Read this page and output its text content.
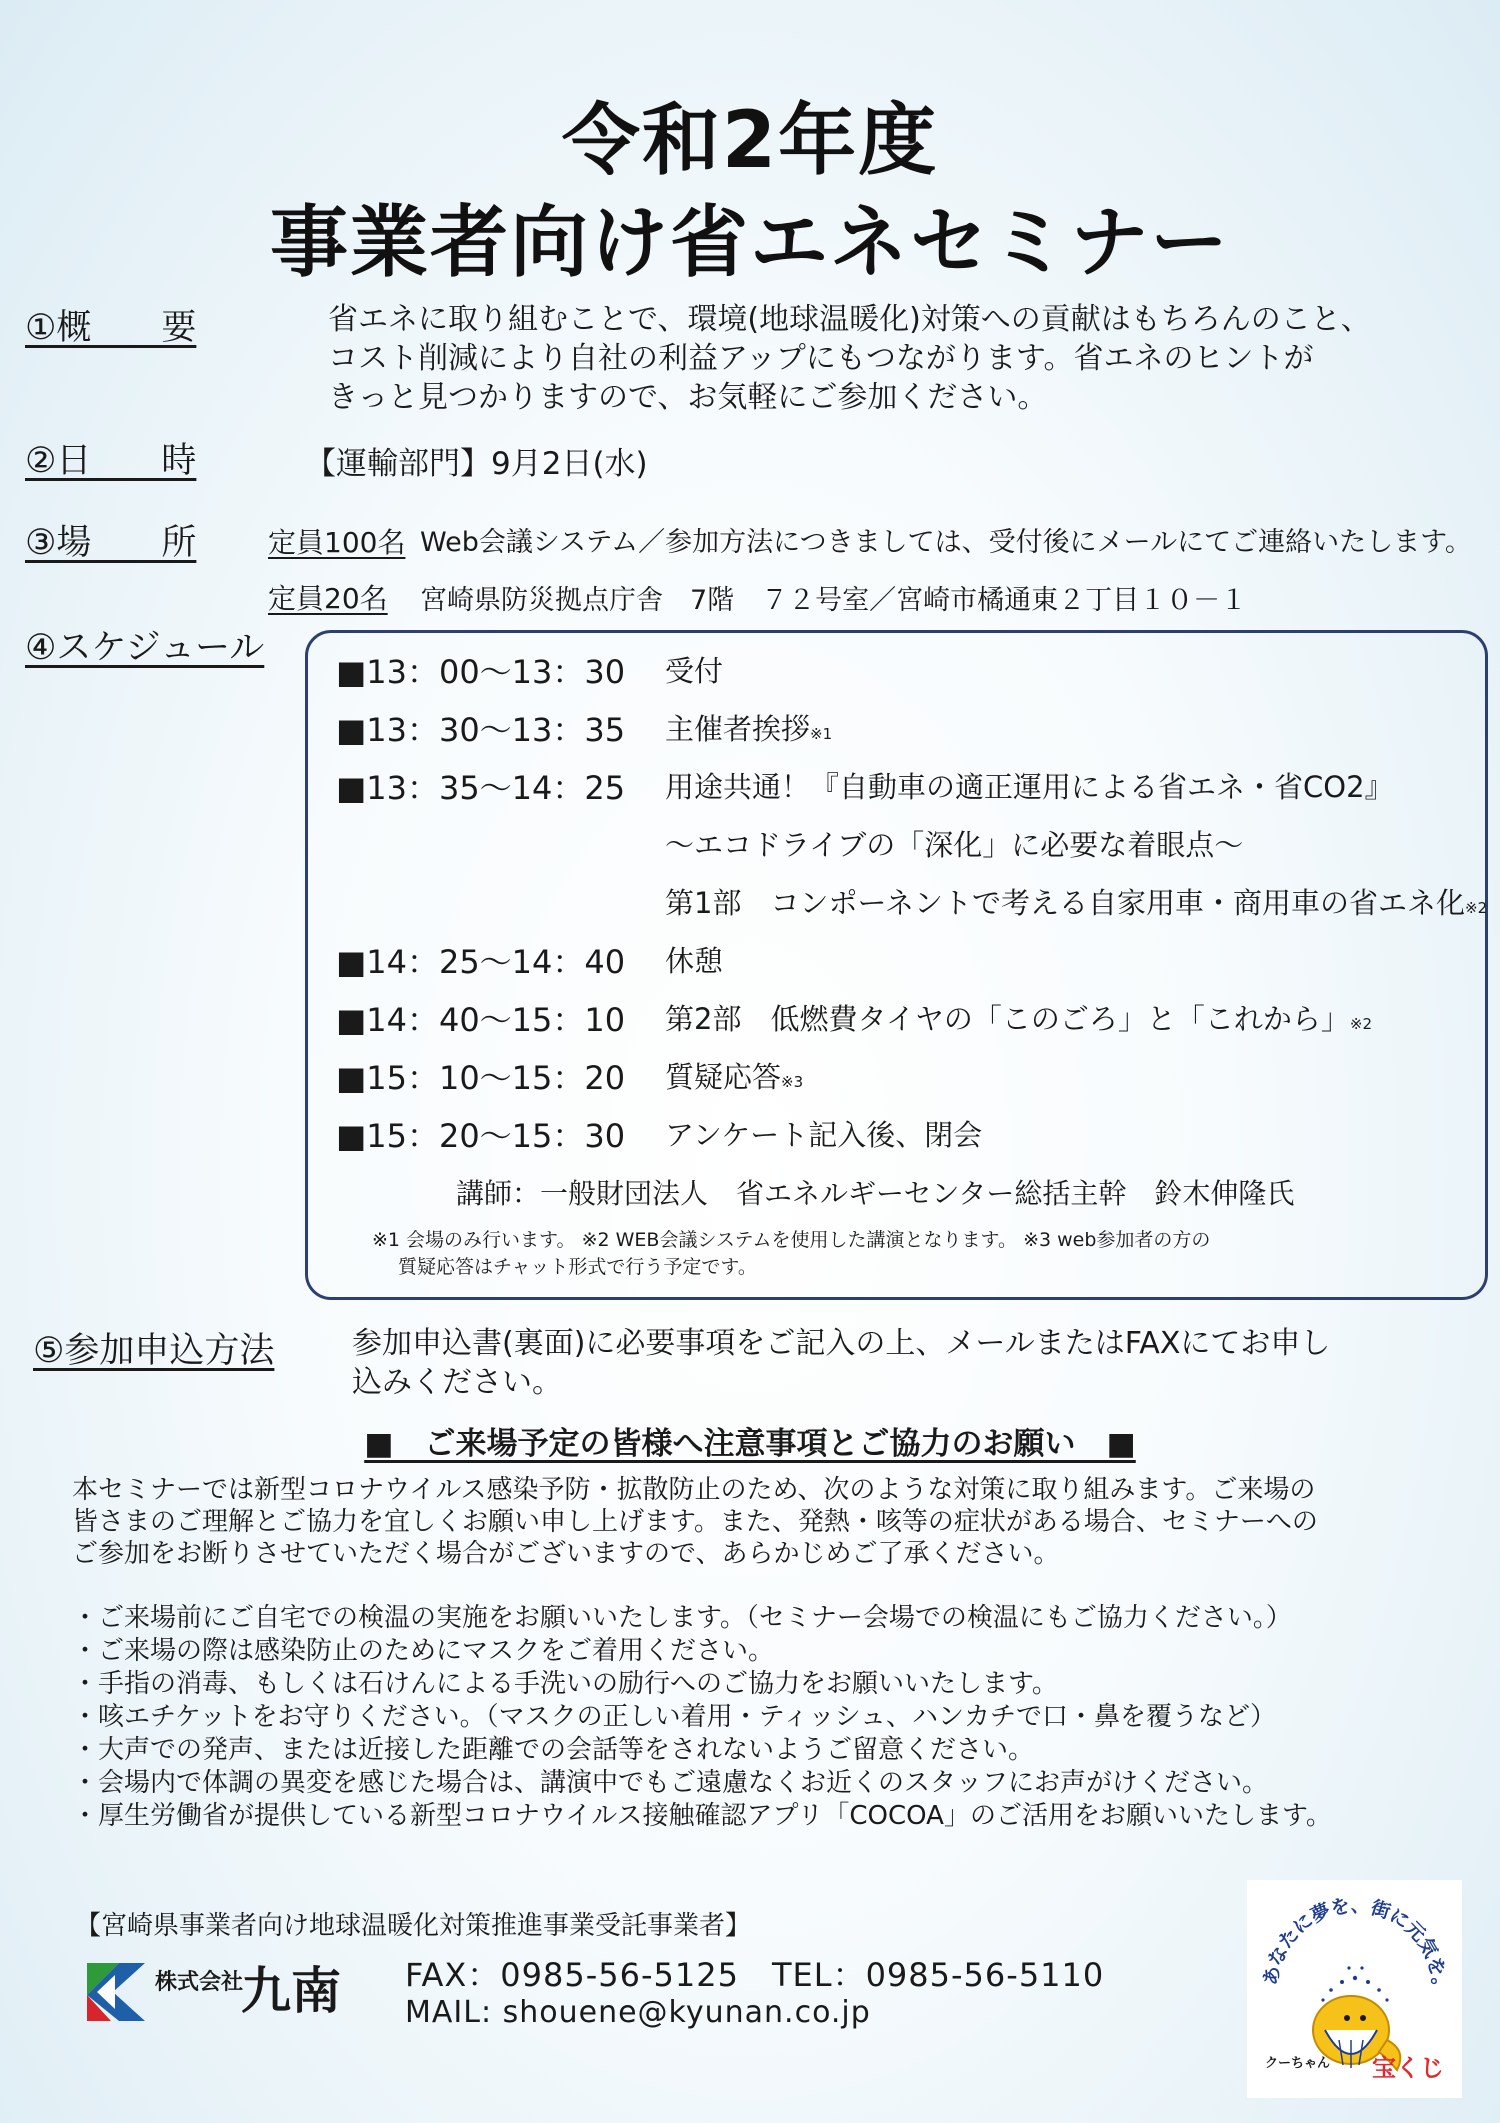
令和2年度
事業者向け省エネセミナー
①概　　要	省エネに取り組むことで、環境(地球温暖化)対策への貢献はもちろんのこと、
コスト削減により自社の利益アップにもつながります。省エネのヒントが
きっと見つかりますので、お気軽にご参加ください。
②日　　時	【運輸部門】9月2日(水)
③場　　所	定員100名 Web会議システム／参加方法につきましては、受付後にメールにてご連絡いたします。
定員20名 宮崎県防災拠点庁舎　7階　７２号室／宮崎市橘通東２丁目１０－１
④スケジュール
■13：00～13：30 受付
■13：30～13：35 主催者挨拶※1
■13：35～14：25 用途共通！『自動車の適正運用による省エネ・省CO2』
～エコドライブの「深化」に必要な着眼点～
第1部　コンポーネントで考える自家用車・商用車の省エネ化※2
■14：25～14：40 休憩
■14：40～15：10 第2部　低燃費タイヤの「このごろ」と「これから」※2
■15：10～15：20 質疑応答※3
■15：20～15：30 アンケート記入後、閉会
講師：一般財団法人　省エネルギーセンター総括主幹　鈴木伸隆氏
※1 会場のみ行います。 ※2 WEB会議システムを使用した講演となります。 ※3 web参加者の方の
質疑応答はチャット形式で行う予定です。
⑤参加申込方法	参加申込書(裏面)に必要事項をご記入の上、メールまたはFAXにてお申し
込みください。
■　ご来場予定の皆様へ注意事項とご協力のお願い　■
本セミナーでは新型コロナウイルス感染予防・拡散防止のため、次のような対策に取り組みます。ご来場の
皆さまのご理解とご協力を宜しくお願い申し上げます。また、発熱・咳等の症状がある場合、セミナーへの
ご参加をお断りさせていただく場合がございますので、あらかじめご了承ください。
・ご来場前にご自宅での検温の実施をお願いいたします。（セミナー会場での検温にもご協力ください。）
・ご来場の際は感染防止のためにマスクをご着用ください。
・手指の消毒、もしくは石けんによる手洗いの励行へのご協力をお願いいたします。
・咳エチケットをお守りください。（マスクの正しい着用・ティッシュ、ハンカチで口・鼻を覆うなど）
・大声での発声、または近接した距離での会話等をされないようご留意ください。
・会場内で体調の異変を感じた場合は、講演中でもご遠慮なくお近くのスタッフにお声がけください。
・厚生労働省が提供している新型コロナウイルス接触確認アプリ「COCOA」のご活用をお願いいたします。
【宮崎県事業者向け地球温暖化対策推進事業受託事業者】
株式会社
九南 FAX：0985-56-5125　TEL：0985-56-5110
MAIL: shouene@kyunan.co.jp
あなたに夢を、街に元気を。
クーちゃん 宝くじ
